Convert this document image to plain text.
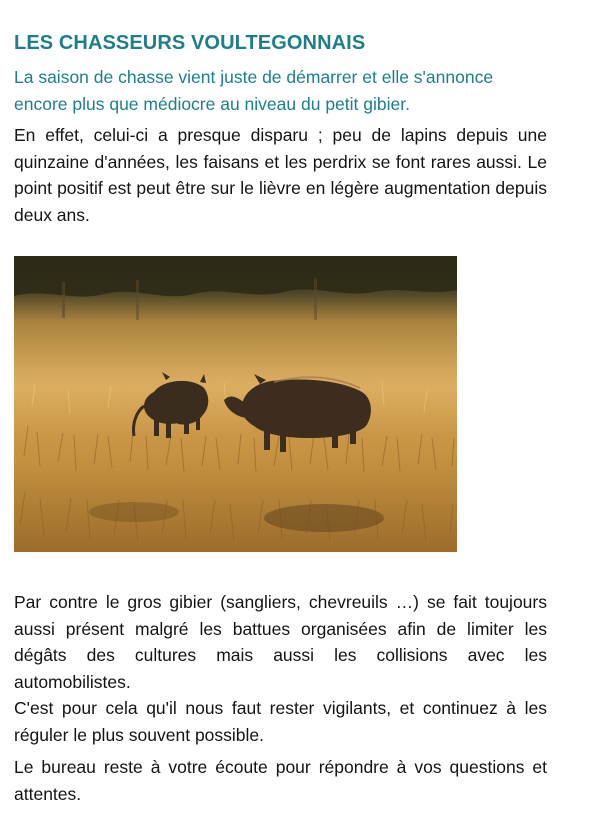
LES CHASSEURS VOULTEGONNAIS

La saison de chasse vient juste de démarrer et elle s'annonce encore plus que médiocre au niveau du petit gibier.

En effet, celui-ci a presque disparu ; peu de lapins depuis une quinzaine d'années, les faisans et les perdrix se font rares aussi. Le point positif est peut être sur le lièvre en légère augmentation depuis deux ans.

Par contre le gros gibier (sangliers, chevreuils …) se fait toujours aussi présent malgré les battues organisées afin de limiter les dégâts des cultures mais aussi les collisions avec les automobilistes.

C'est pour cela qu'il nous faut rester vigilants, et continuez à les réguler le plus souvent possible.

Le bureau reste à votre écoute pour répondre à vos questions et attentes.
